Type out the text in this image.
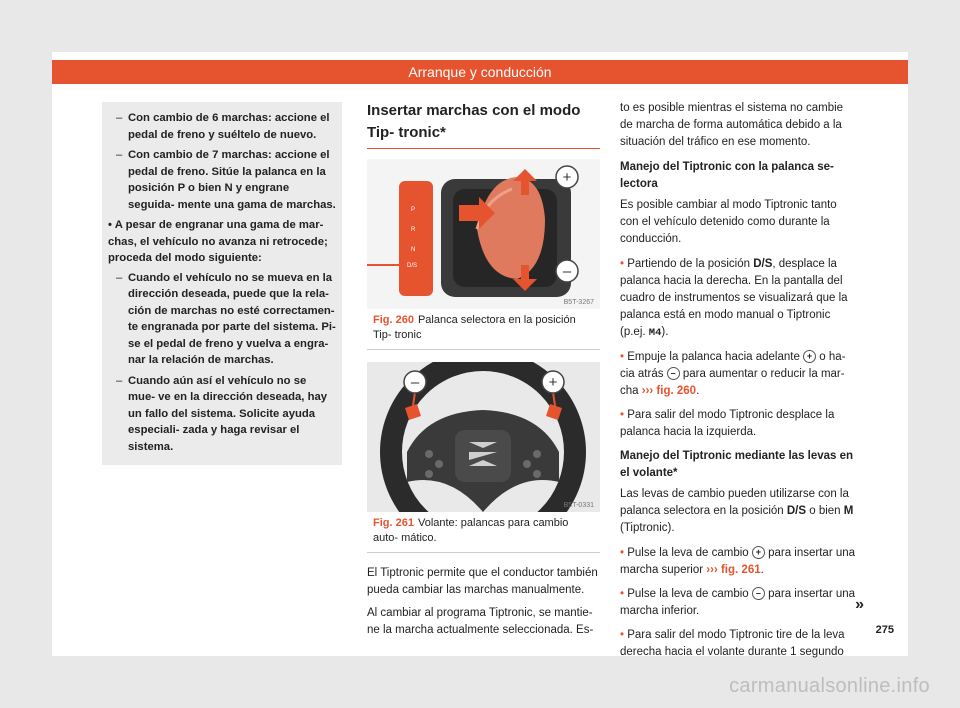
Arranque y conducción
– Con cambio de 6 marchas: accione el pedal de freno y suéltelo de nuevo.
– Con cambio de 7 marchas: accione el pedal de freno. Sitúe la palanca en la posición P o bien N y engrane seguida- mente una gama de marchas.
• A pesar de engranar una gama de mar- chas, el vehículo no avanza ni retrocede; proceda del modo siguiente:
– Cuando el vehículo no se mueva en la dirección deseada, puede que la rela- ción de marchas no esté correctamen- te engranada por parte del sistema. Pi- se el pedal de freno y vuelva a engra- nar la relación de marchas.
– Cuando aún así el vehículo no se mue- ve en la dirección deseada, hay un fallo del sistema. Solicite ayuda especiali- zada y haga revisar el sistema.
Insertar marchas con el modo Tip- tronic*
P
R
N
D/S
+
–
B5T-3267
Fig. 260 Palanca selectora en la posición Tip- tronic
–	+
B5T-0331
Fig. 261 Volante: palancas para cambio auto- mático.
El Tiptronic permite que el conductor también pueda cambiar las marchas manualmente.
Al cambiar al programa Tiptronic, se mantie- ne la marcha actualmente seleccionada. Es-
to es posible mientras el sistema no cambie de marcha de forma automática debido a la situación del tráfico en ese momento.
Manejo del Tiptronic con la palanca se- lectora
Es posible cambiar al modo Tiptronic tanto con el vehículo detenido como durante la conducción.
• Partiendo de la posición D/S, desplace la palanca hacia la derecha. En la pantalla del cuadro de instrumentos se visualizará que la palanca está en modo manual o Tiptronic (p.ej. M4).
• Empuje la palanca hacia adelante + o ha- cia atrás – para aumentar o reducir la mar- cha ››› fig. 260.
• Para salir del modo Tiptronic desplace la palanca hacia la izquierda.
Manejo del Tiptronic mediante las levas en el volante*
Las levas de cambio pueden utilizarse con la palanca selectora en la posición D/S o bien M (Tiptronic).
• Pulse la leva de cambio + para insertar una marcha superior ››› fig. 261.
• Pulse la leva de cambio – para insertar una marcha inferior.
• Para salir del modo Tiptronic tire de la leva derecha hacia el volante durante 1 segundo
»
275
carmanualsonline.info
